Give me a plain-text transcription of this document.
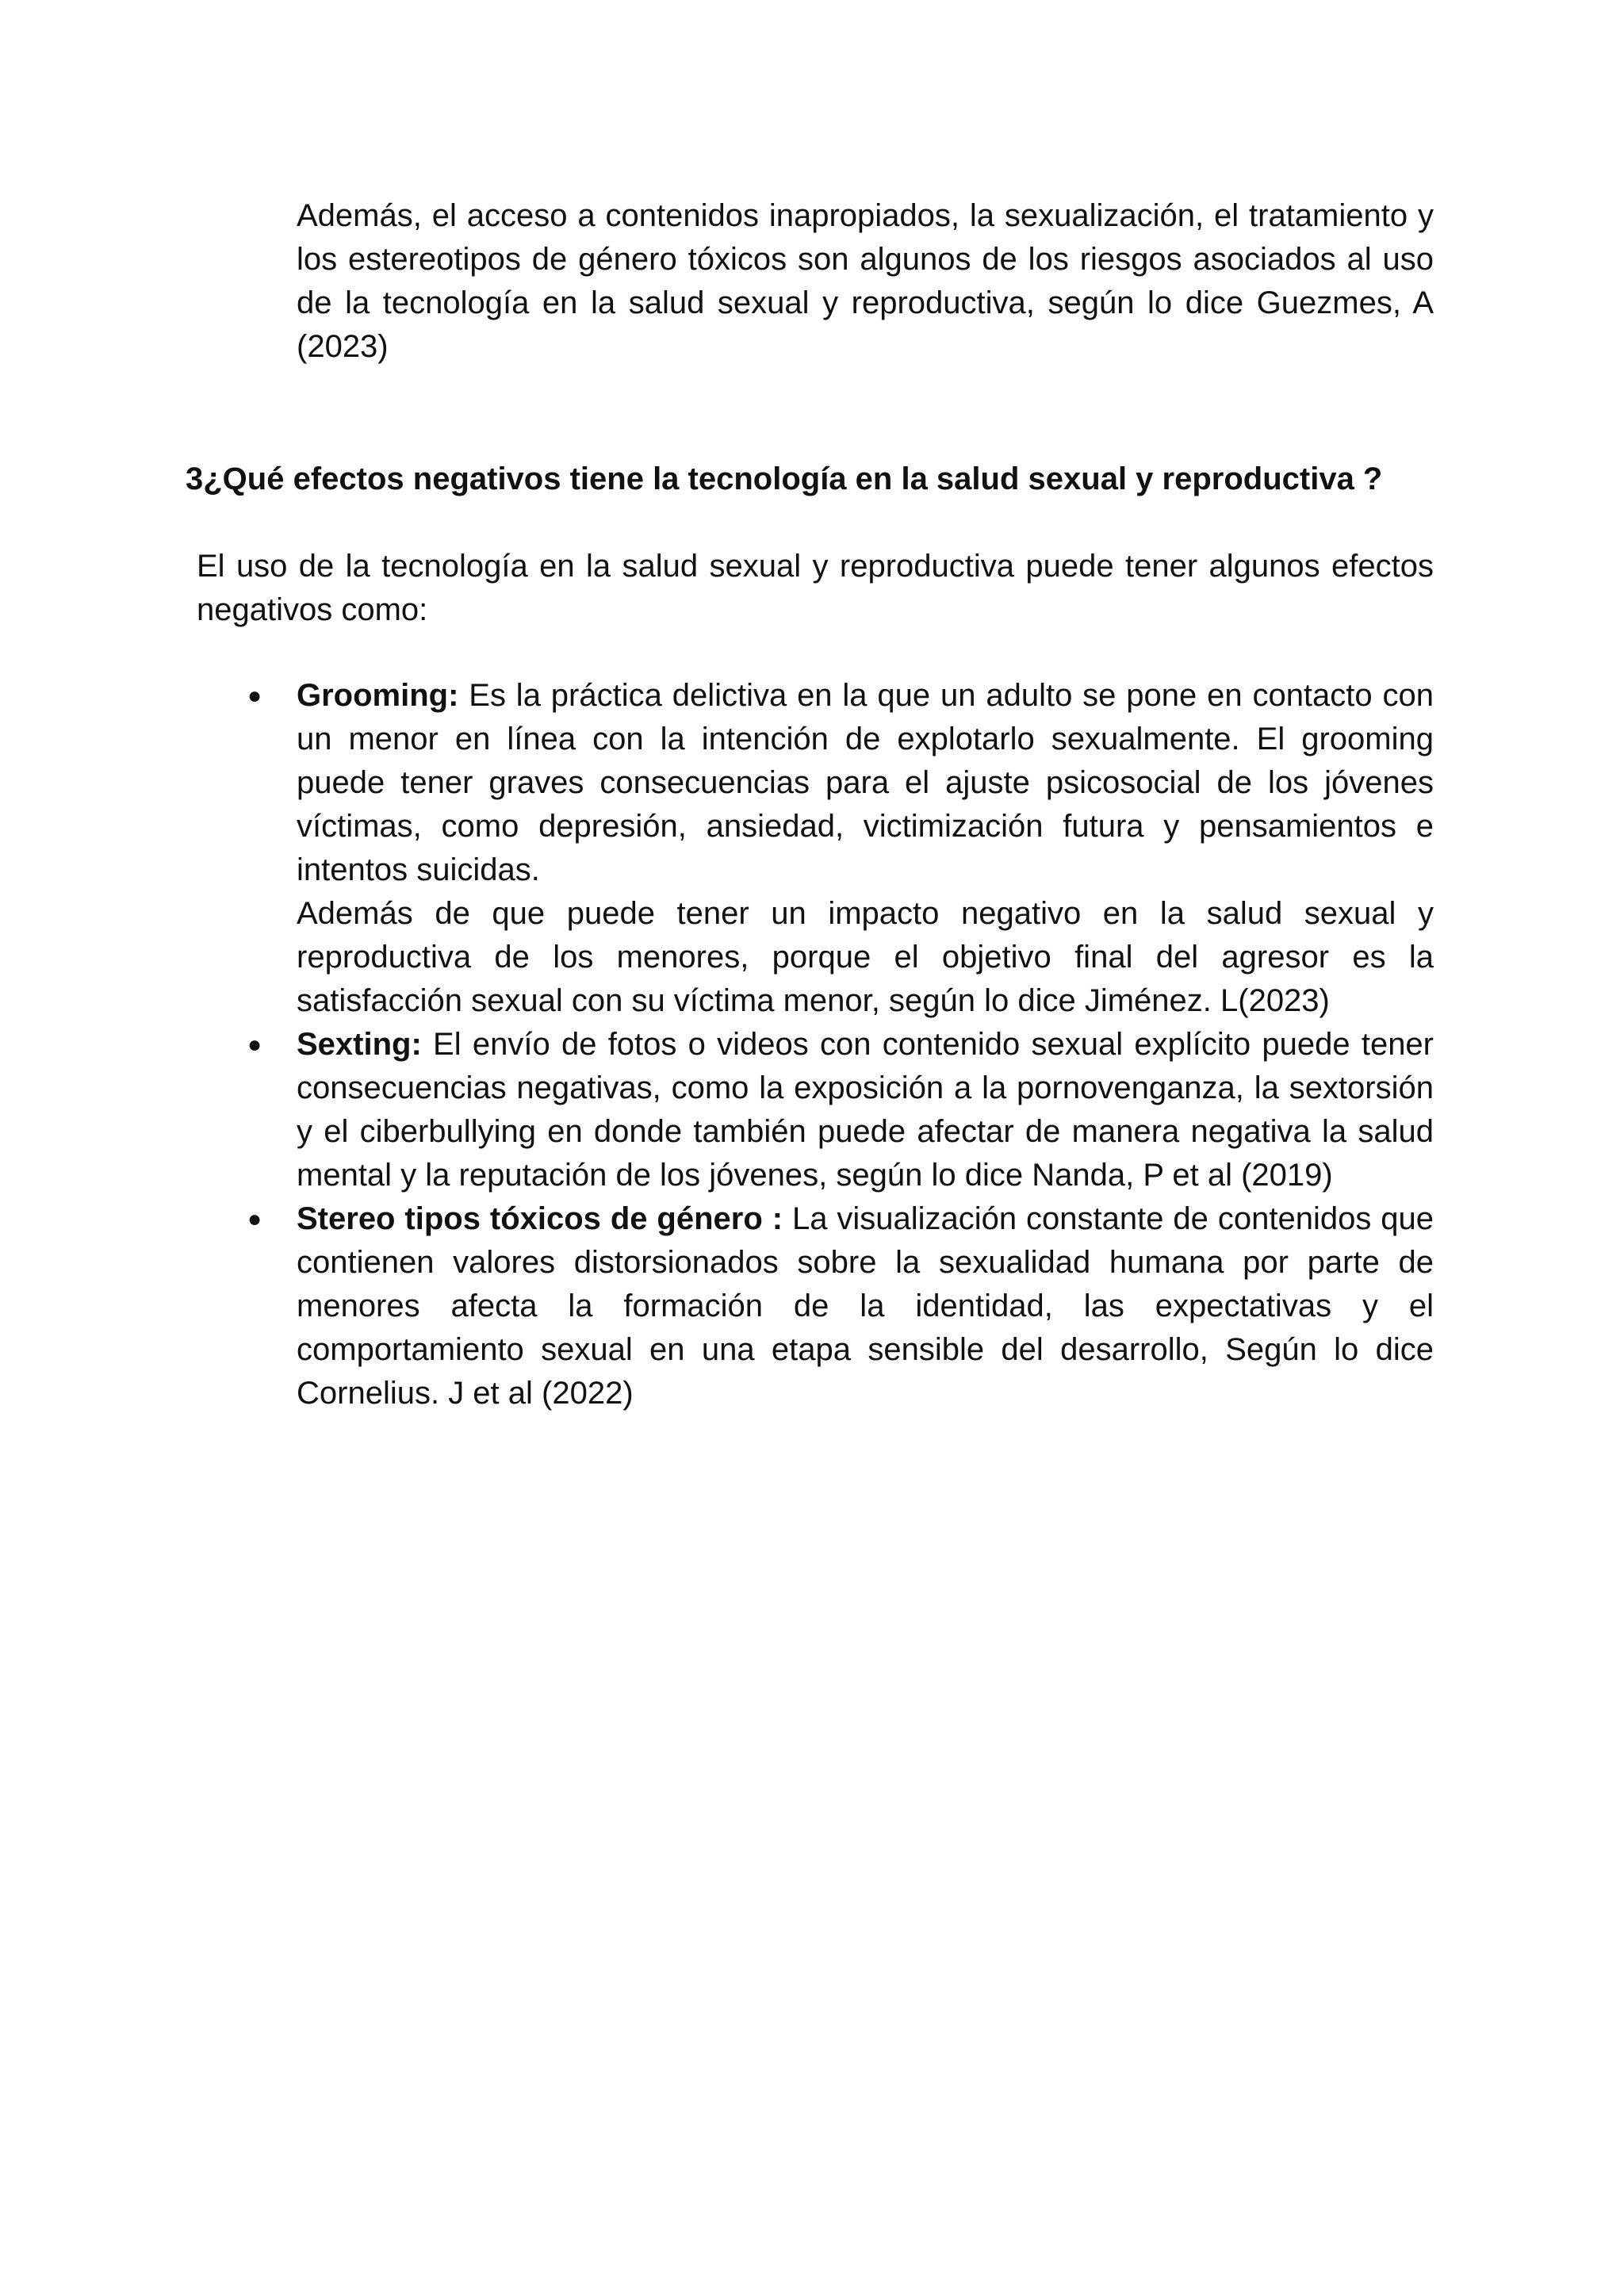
Además, el acceso a contenidos inapropiados, la sexualización, el tratamiento y los estereotipos de género tóxicos son algunos de los riesgos asociados al uso de la tecnología en la salud sexual y reproductiva, según lo dice Guezmes, A (2023)

3¿Qué efectos negativos tiene la tecnología en la salud sexual y reproductiva ?

El uso de la tecnología en la salud sexual y reproductiva puede tener algunos efectos negativos como:

● Grooming: Es la práctica delictiva en la que un adulto se pone en contacto con un menor en línea con la intención de explotarlo sexualmente. El grooming puede tener graves consecuencias para el ajuste psicosocial de los jóvenes víctimas, como depresión, ansiedad, victimización futura y pensamientos e intentos suicidas.

Además de que puede tener un impacto negativo en la salud sexual y reproductiva de los menores, porque el objetivo final del agresor es la satisfacción sexual con su víctima menor, según lo dice Jiménez. L(2023)

● Sexting: El envío de fotos o videos con contenido sexual explícito puede tener consecuencias negativas, como la exposición a la pornovenganza, la sextorsión y el ciberbullying en donde también puede afectar de manera negativa la salud mental y la reputación de los jóvenes, según lo dice Nanda, P et al (2019)

● Stereo tipos tóxicos de género : La visualización constante de contenidos que contienen valores distorsionados sobre la sexualidad humana por parte de menores afecta la formación de la identidad, las expectativas y el comportamiento sexual en una etapa sensible del desarrollo, Según lo dice Cornelius. J et al (2022)
